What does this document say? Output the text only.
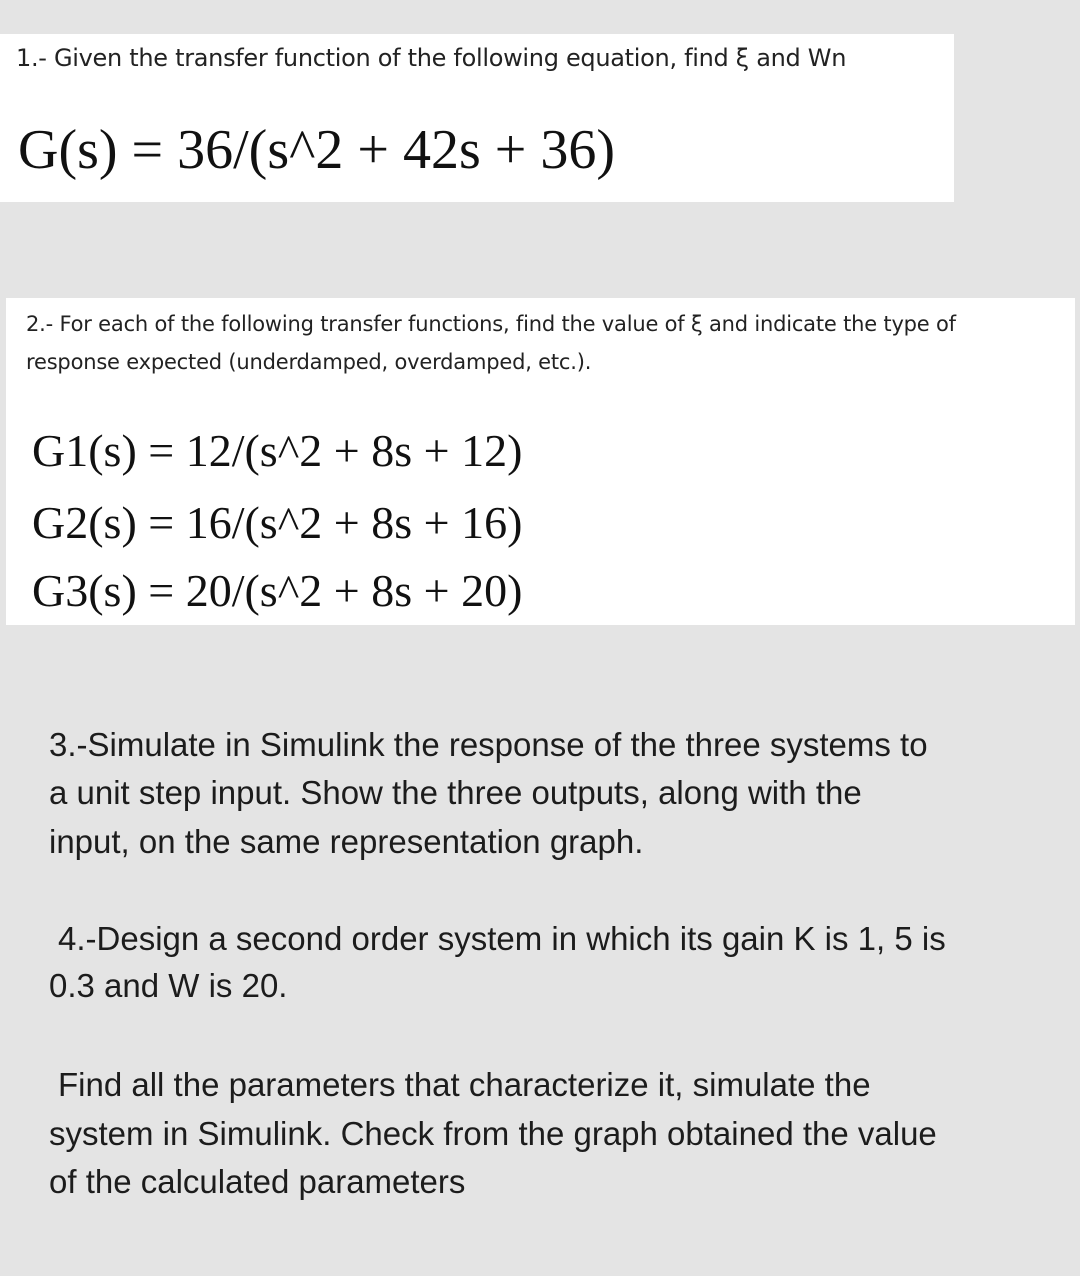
1.- Given the transfer function of the following equation, find ξ and Wn

G(s) = 36/(s^2 + 42s + 36)

2.- For each of the following transfer functions, find the value of ξ and indicate the type of

response expected (underdamped, overdamped, etc.).

G1(s) = 12/(s^2 + 8s + 12)

G2(s) = 16/(s^2 + 8s + 16)

G3(s) = 20/(s^2 + 8s + 20)

3.-Simulate in Simulink the response of the three systems to

a unit step input. Show the three outputs, along with the

input, on the same representation graph.

4.-Design a second order system in which its gain K is 1, 5 is

0.3 and W is 20.

Find all the parameters that characterize it, simulate the

system in Simulink. Check from the graph obtained the value

of the calculated parameters
